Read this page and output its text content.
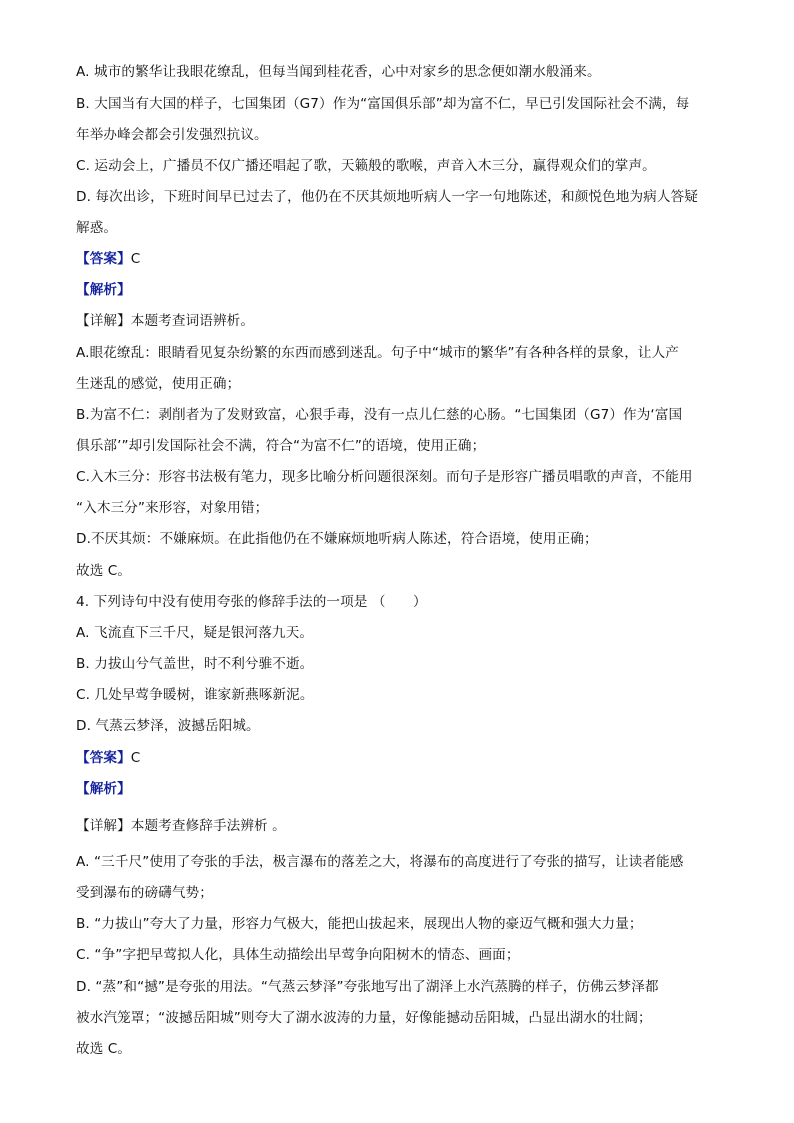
A. 城市的繁华让我眼花缭乱，但每当闻到桂花香，心中对家乡的思念便如潮水般涌来。
B. 大国当有大国的样子，七国集团（G7）作为“富国俱乐部”却为富不仁，早已引发国际社会不满，每
年举办峰会都会引发强烈抗议。
C. 运动会上，广播员不仅广播还唱起了歌，天籁般的歌喉，声音入木三分，赢得观众们的掌声。
D. 每次出诊，下班时间早已过去了，他仍在不厌其烦地听病人一字一句地陈述，和颜悦色地为病人答疑
解惑。
【答案】C
【解析】
【详解】本题考查词语辨析。
A.眼花缭乱：眼睛看见复杂纷繁的东西而感到迷乱。句子中“城市的繁华”有各种各样的景象，让人产
生迷乱的感觉，使用正确；
B.为富不仁：剥削者为了发财致富，心狠手毒，没有一点儿仁慈的心肠。“七国集团（G7）作为‘富国
俱乐部’”却引发国际社会不满，符合“为富不仁”的语境，使用正确；
C.入木三分：形容书法极有笔力，现多比喻分析问题很深刻。而句子是形容广播员唱歌的声音，不能用
“入木三分”来形容，对象用错；
D.不厌其烦：不嫌麻烦。在此指他仍在不嫌麻烦地听病人陈述，符合语境，使用正确；
故选 C。
4. 下列诗句中没有使用夸张的修辞手法的一项是 （　　）
A. 飞流直下三千尺，疑是银河落九天。
B. 力拔山兮气盖世，时不利兮骓不逝。
C. 几处早莺争暖树，谁家新燕啄新泥。
D. 气蒸云梦泽，波撼岳阳城。
【答案】C
【解析】
【详解】本题考查修辞手法辨析 。
A. “三千尺”使用了夸张的手法，极言瀑布的落差之大，将瀑布的高度进行了夸张的描写，让读者能感
受到瀑布的磅礴气势；
B. “力拔山”夸大了力量，形容力气极大，能把山拔起来，展现出人物的豪迈气概和强大力量；
C. “争”字把早莺拟人化，具体生动描绘出早莺争向阳树木的情态、画面；
D. “蒸”和“撼”是夸张的用法。“气蒸云梦泽”夸张地写出了湖泽上水汽蒸腾的样子，仿佛云梦泽都
被水汽笼罩；“波撼岳阳城”则夸大了湖水波涛的力量，好像能撼动岳阳城，凸显出湖水的壮阔；
故选 C。
